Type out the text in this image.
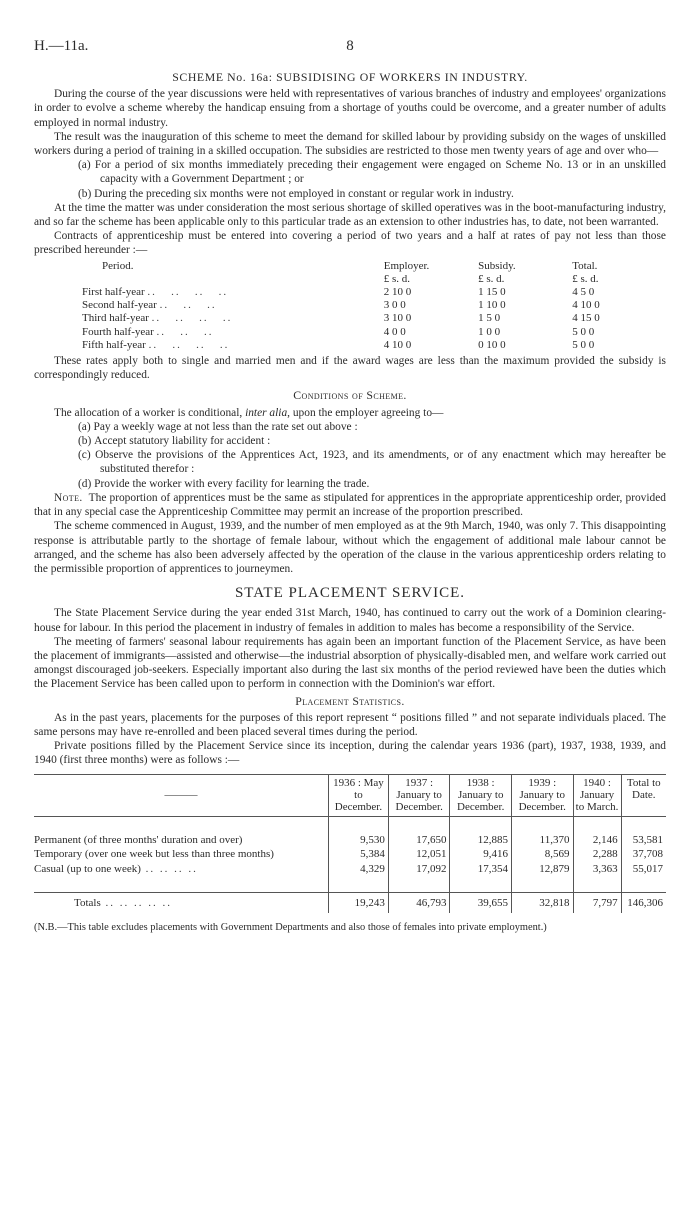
H.—11a.	8
SCHEME No. 16a: SUBSIDISING OF WORKERS IN INDUSTRY.

During the course of the year discussions were held with representatives of various branches of industry and employees' organizations in order to evolve a scheme whereby the handicap ensuing from a shortage of youths could be overcome, and a greater number of adults employed in normal industry.

The result was the inauguration of this scheme to meet the demand for skilled labour by providing subsidy on the wages of unskilled workers during a period of training in a skilled occupation. The subsidies are restricted to those men twenty years of age and over who—

(a) For a period of six months immediately preceding their engagement were engaged on Scheme No. 13 or in an unskilled capacity with a Government Department ; or
(b) During the preceding six months were not employed in constant or regular work in industry.

At the time the matter was under consideration the most serious shortage of skilled operatives was in the boot-manufacturing industry, and so far the scheme has been applicable only to this particular trade as an extension to other industries has, to date, not been warranted.

Contracts of apprenticeship must be entered into covering a period of two years and a half at rates of pay not less than those prescribed hereunder :—

Period.	Employer.	Subsidy.	Total.
	£ s. d.	£ s. d.	£ s. d.
First half-year ..   ..   ..   ..	2 10 0	1 15 0	4 5 0
Second half-year ..   ..   ..	3 0 0	1 10 0	4 10 0
Third half-year ..   ..   ..   ..	3 10 0	1 5 0	4 15 0
Fourth half-year ..   ..   ..	4 0 0	1 0 0	5 0 0
Fifth half-year ..   ..   ..   ..	4 10 0	0 10 0	5 0 0

These rates apply both to single and married men and if the award wages are less than the maximum provided the subsidy is correspondingly reduced.

Conditions of Scheme.

The allocation of a worker is conditional, inter alia, upon the employer agreeing to—

(a) Pay a weekly wage at not less than the rate set out above :
(b) Accept statutory liability for accident :
(c) Observe the provisions of the Apprentices Act, 1923, and its amendments, or of any enactment which may hereafter be substituted therefor :
(d) Provide the worker with every facility for learning the trade.

Note. The proportion of apprentices must be the same as stipulated for apprentices in the appropriate apprenticeship order, provided that in any special case the Apprenticeship Committee may permit an increase of the proportion prescribed.

The scheme commenced in August, 1939, and the number of men employed as at the 9th March, 1940, was only 7. This disappointing response is attributable partly to the shortage of female labour, without which the engagement of additional male labour cannot be arranged, and the scheme has also been adversely affected by the operation of the clause in the various apprenticeship orders relating to the permissible proportion of apprentices to journeymen.

STATE PLACEMENT SERVICE.

The State Placement Service during the year ended 31st March, 1940, has continued to carry out the work of a Dominion clearing-house for labour. In this period the placement in industry of females in addition to males has become a responsibility of the Service.

The meeting of farmers' seasonal labour requirements has again been an important function of the Placement Service, as have been the placement of immigrants—assisted and otherwise—the industrial absorption of physically-disabled men, and welfare work carried out amongst discouraged job-seekers. Especially important also during the last six months of the period reviewed have been the duties which the Placement Service has been called upon to perform in connection with the Dominion's war effort.

Placement Statistics.

As in the past years, placements for the purposes of this report represent “ positions filled ” and not separate individuals placed. The same persons may have re-enrolled and been placed several times during the period.

Private positions filled by the Placement Service since its inception, during the calendar years 1936 (part), 1937, 1938, 1939, and 1940 (first three months) were as follows :—

———	1936 : May to December.	1937 : January to December.	1938 : January to December.	1939 : January to December.	1940 : January to March.	Total to Date.

Permanent (of three months' duration and over)	9,530	17,650	12,885	11,370	2,146	53,581
Temporary (over one week but less than three months)	5,384	12,051	9,416	8,569	2,288	37,708
Casual (up to one week) .. .. .. ..	4,329	17,092	17,354	12,879	3,363	55,017

Totals .. .. .. .. ..	19,243	46,793	39,655	32,818	7,797	146,306

(N.B.—This table excludes placements with Government Departments and also those of females into private employment.)
